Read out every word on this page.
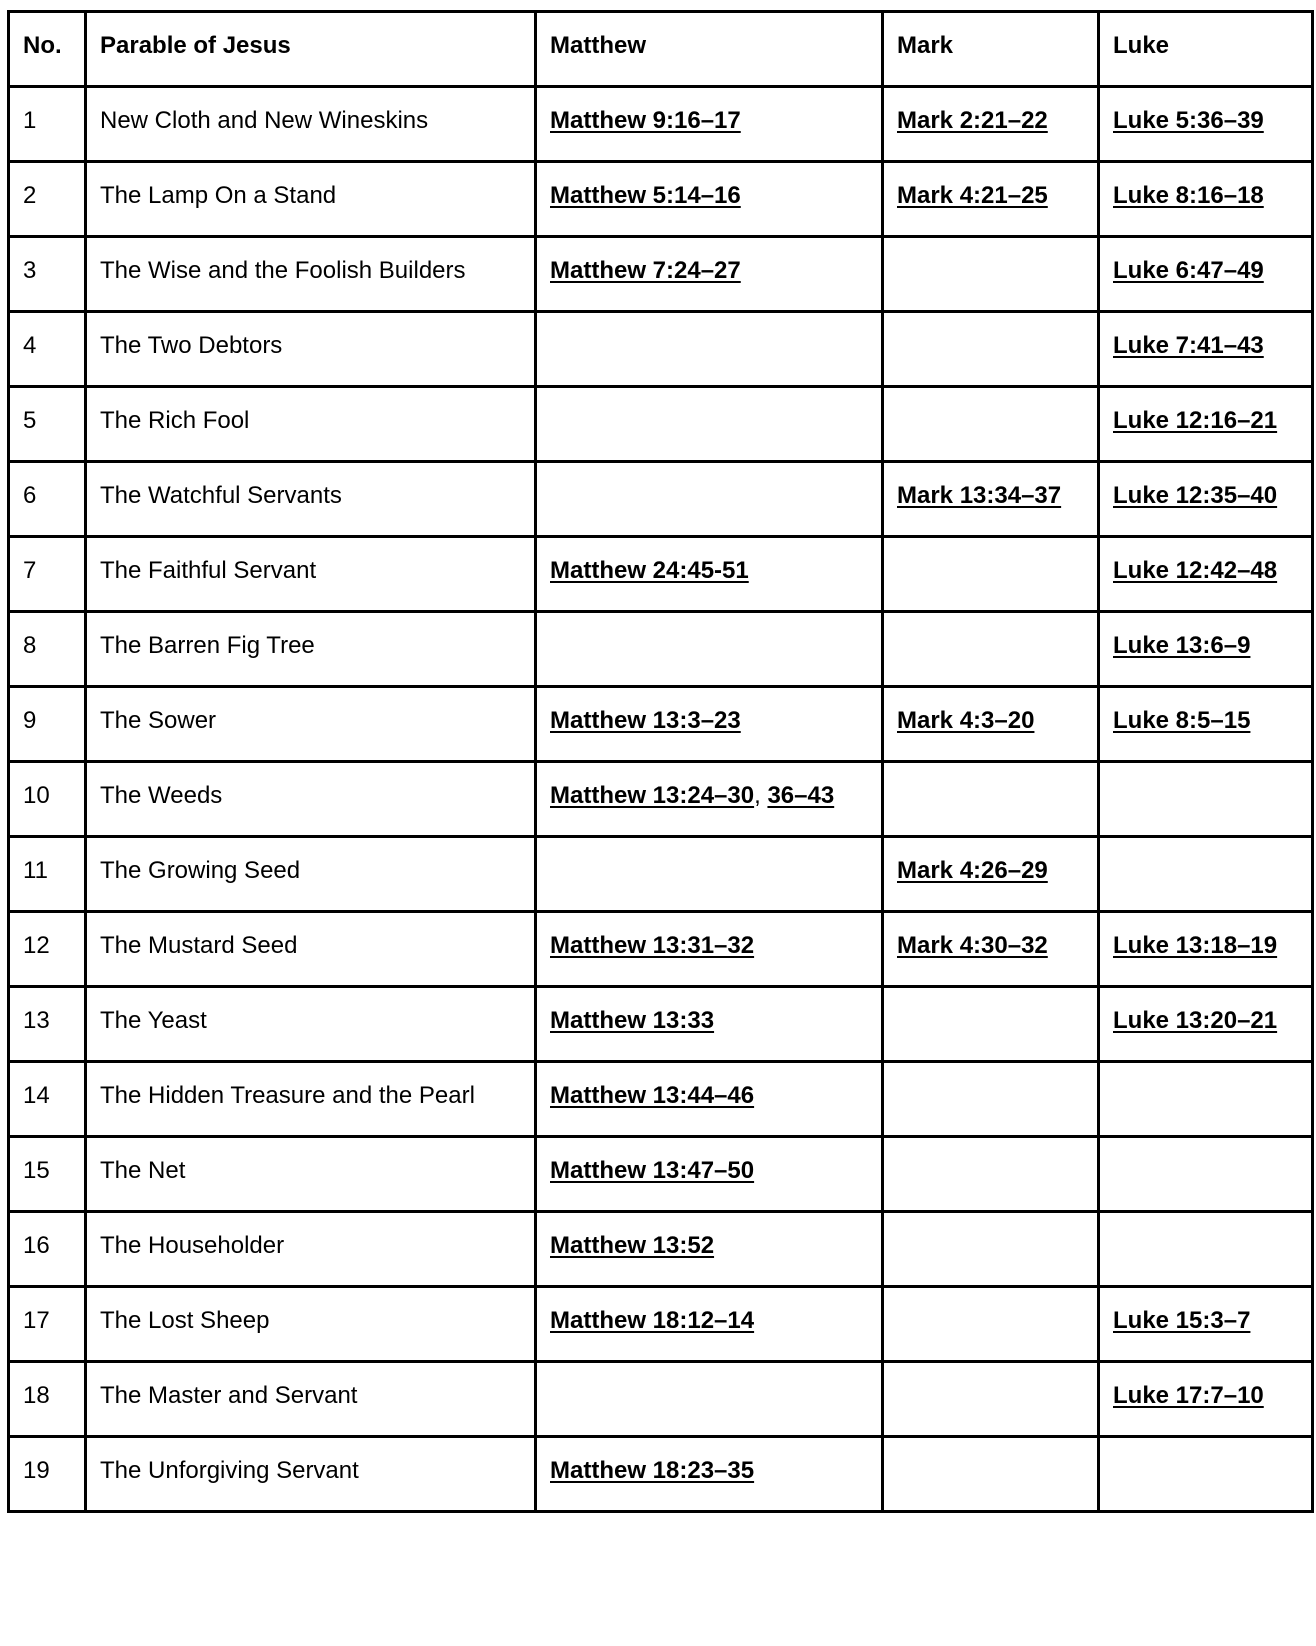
No.	Parable of Jesus	Matthew	Mark	Luke
1	New Cloth and New Wineskins	Matthew 9:16–17	Mark 2:21–22	Luke 5:36–39
2	The Lamp On a Stand	Matthew 5:14–16	Mark 4:21–25	Luke 8:16–18
3	The Wise and the Foolish Builders	Matthew 7:24–27		Luke 6:47–49
4	The Two Debtors			Luke 7:41–43
5	The Rich Fool			Luke 12:16–21
6	The Watchful Servants		Mark 13:34–37	Luke 12:35–40
7	The Faithful Servant	Matthew 24:45-51		Luke 12:42–48
8	The Barren Fig Tree			Luke 13:6–9
9	The Sower	Matthew 13:3–23	Mark 4:3–20	Luke 8:5–15
10	The Weeds	Matthew 13:24–30, 36–43		
11	The Growing Seed		Mark 4:26–29	
12	The Mustard Seed	Matthew 13:31–32	Mark 4:30–32	Luke 13:18–19
13	The Yeast	Matthew 13:33		Luke 13:20–21
14	The Hidden Treasure and the Pearl	Matthew 13:44–46		
15	The Net	Matthew 13:47–50		
16	The Householder	Matthew 13:52		
17	The Lost Sheep	Matthew 18:12–14		Luke 15:3–7
18	The Master and Servant			Luke 17:7–10
19	The Unforgiving Servant	Matthew 18:23–35		
